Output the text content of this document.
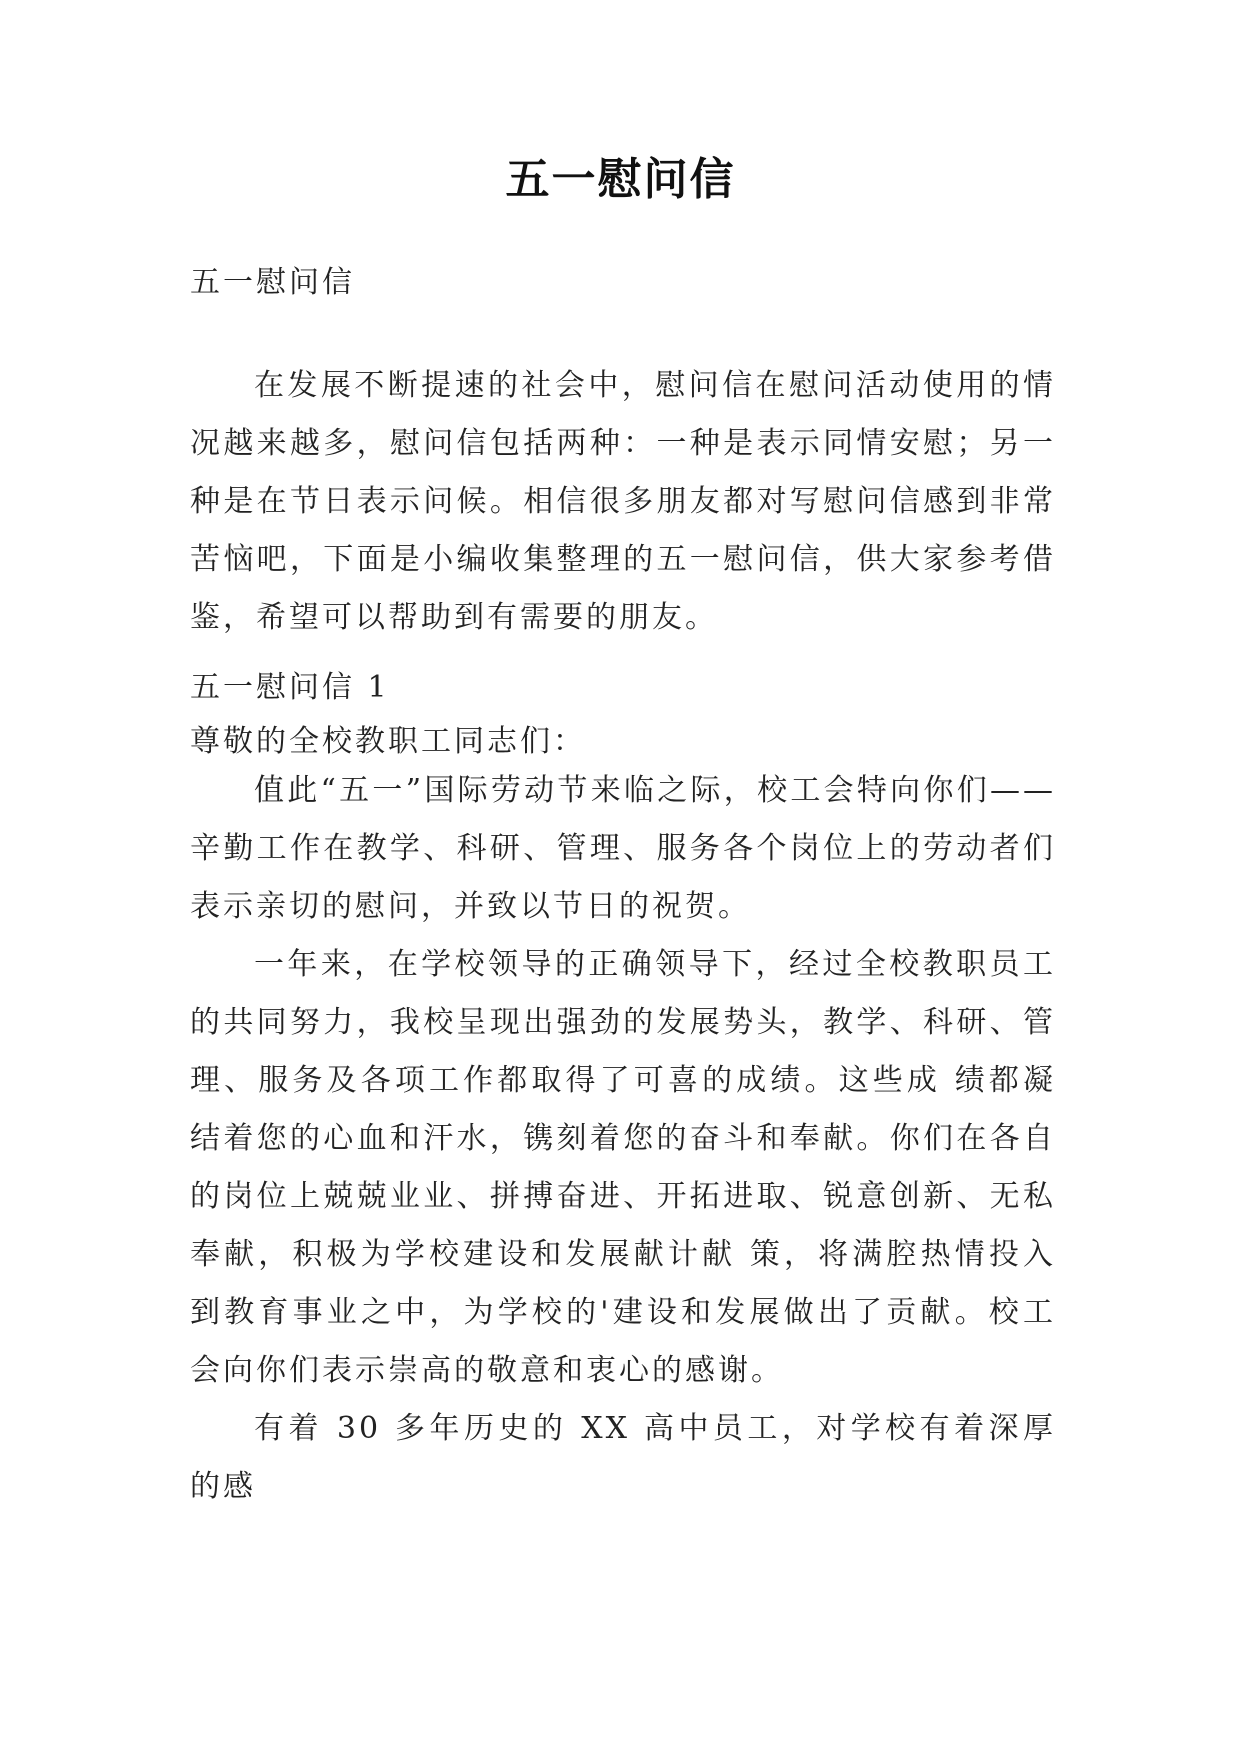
五一慰问信

五一慰问信

在发展不断提速的社会中，慰问信在慰问活动使用的情况越来越多，慰问信包括两种：一种是表示同情安慰；另一种是在节日表示问候。相信很多朋友都对写慰问信感到非常苦恼吧，下面是小编收集整理的五一慰问信，供大家参考借鉴，希望可以帮助到有需要的朋友。

五一慰问信 1

尊敬的全校教职工同志们：

值此“五一”国际劳动节来临之际，校工会特向你们——辛勤工作在教学、科研、管理、服务各个岗位上的劳动者们表示亲切的慰问，并致以节日的祝贺。

一年来，在学校领导的正确领导下，经过全校教职员工的共同努力，我校呈现出强劲的发展势头，教学、科研、管理、服务及各项工作都取得了可喜的成绩。这些成 绩都凝结着您的心血和汗水，镌刻着您的奋斗和奉献。你们在各自的岗位上兢兢业业、拼搏奋进、开拓进取、锐意创新、无私奉献，积极为学校建设和发展献计献 策，将满腔热情投入到教育事业之中，为学校的'建设和发展做出了贡献。校工会向你们表示崇高的敬意和衷心的感谢。

有着 30 多年历史的 XX 高中员工，对学校有着深厚的感
